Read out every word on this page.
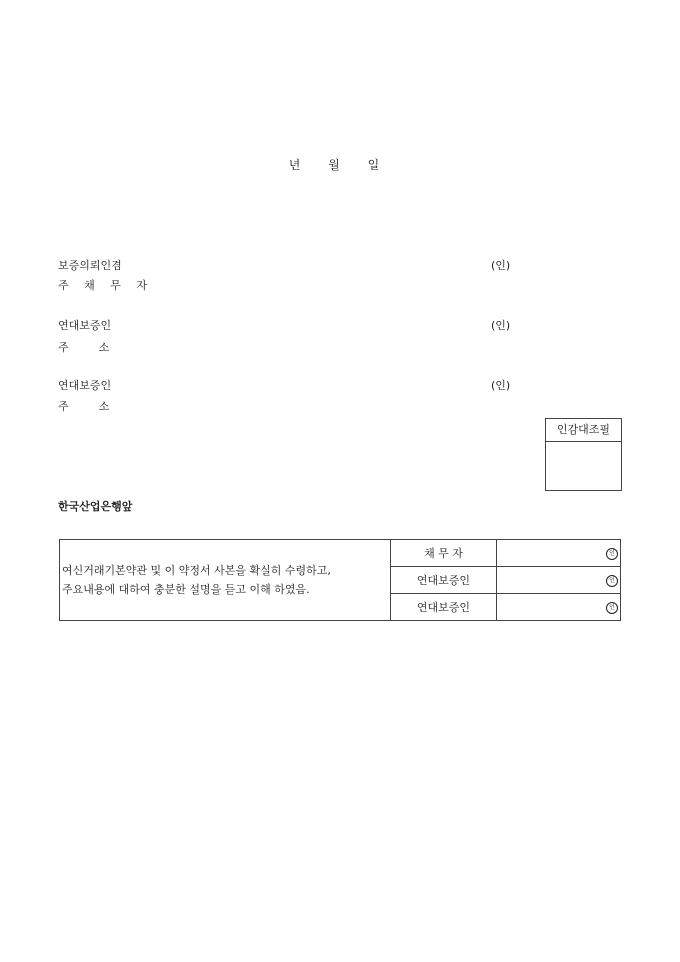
년 월 일
보증의뢰인겸	(인)
주 채 무 자
연대보증인	(인)
주	소
연대보증인	(인)
주	소
인감대조필
한국산업은행앞
여신거래기본약관 및 이 약정서 사본을 확실히 수령하고,
주요내용에 대하여 충분한 설명을 듣고 이해 하였음.	채 무 자	인
	연대보증인	인
	연대보증인	인
